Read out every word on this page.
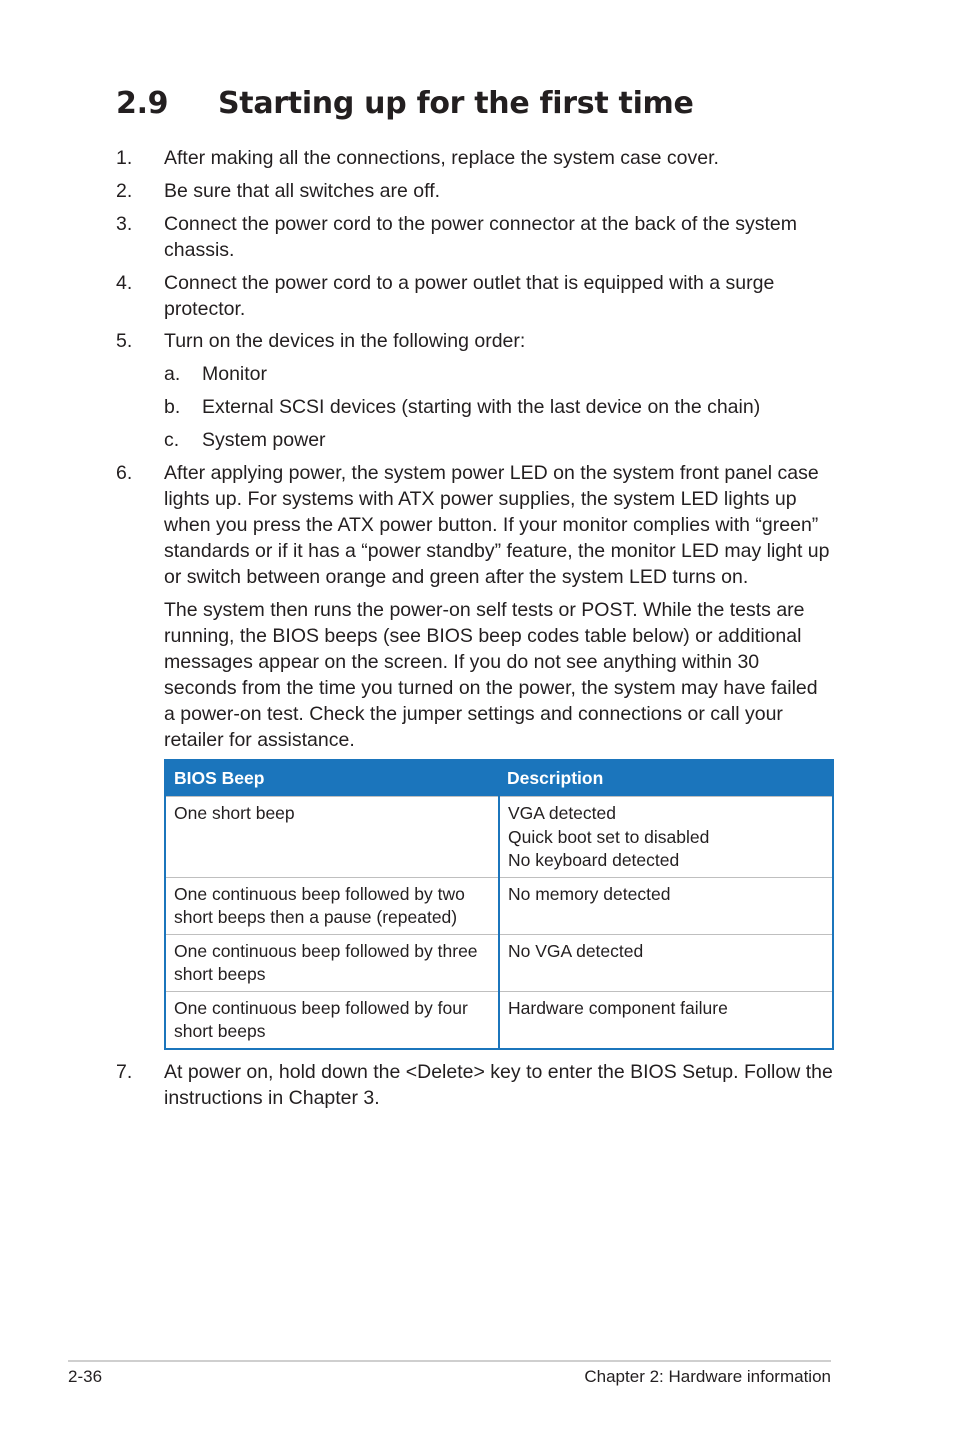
2.9 Starting up for the first time
1. After making all the connections, replace the system case cover.
2. Be sure that all switches are off.
3. Connect the power cord to the power connector at the back of the system chassis.
4. Connect the power cord to a power outlet that is equipped with a surge protector.
5. Turn on the devices in the following order:
a. Monitor
b. External SCSI devices (starting with the last device on the chain)
c. System power
6. After applying power, the system power LED on the system front panel case lights up. For systems with ATX power supplies, the system LED lights up when you press the ATX power button. If your monitor complies with “green” standards or if it has a “power standby” feature, the monitor LED may light up or switch between orange and green after the system LED turns on.
The system then runs the power-on self tests or POST. While the tests are running, the BIOS beeps (see BIOS beep codes table below) or additional messages appear on the screen. If you do not see anything within 30 seconds from the time you turned on the power, the system may have failed a power-on test. Check the jumper settings and connections or call your retailer for assistance.
BIOS Beep	Description
One short beep	VGA detected
Quick boot set to disabled
No keyboard detected

One continuous beep followed by two short beeps then a pause (repeated)	No memory detected

One continuous beep followed by three short beeps	No VGA detected

One continuous beep followed by four short beeps	Hardware component failure
7. At power on, hold down the <Delete> key to enter the BIOS Setup. Follow the instructions in Chapter 3.
2-36	Chapter 2: Hardware information
